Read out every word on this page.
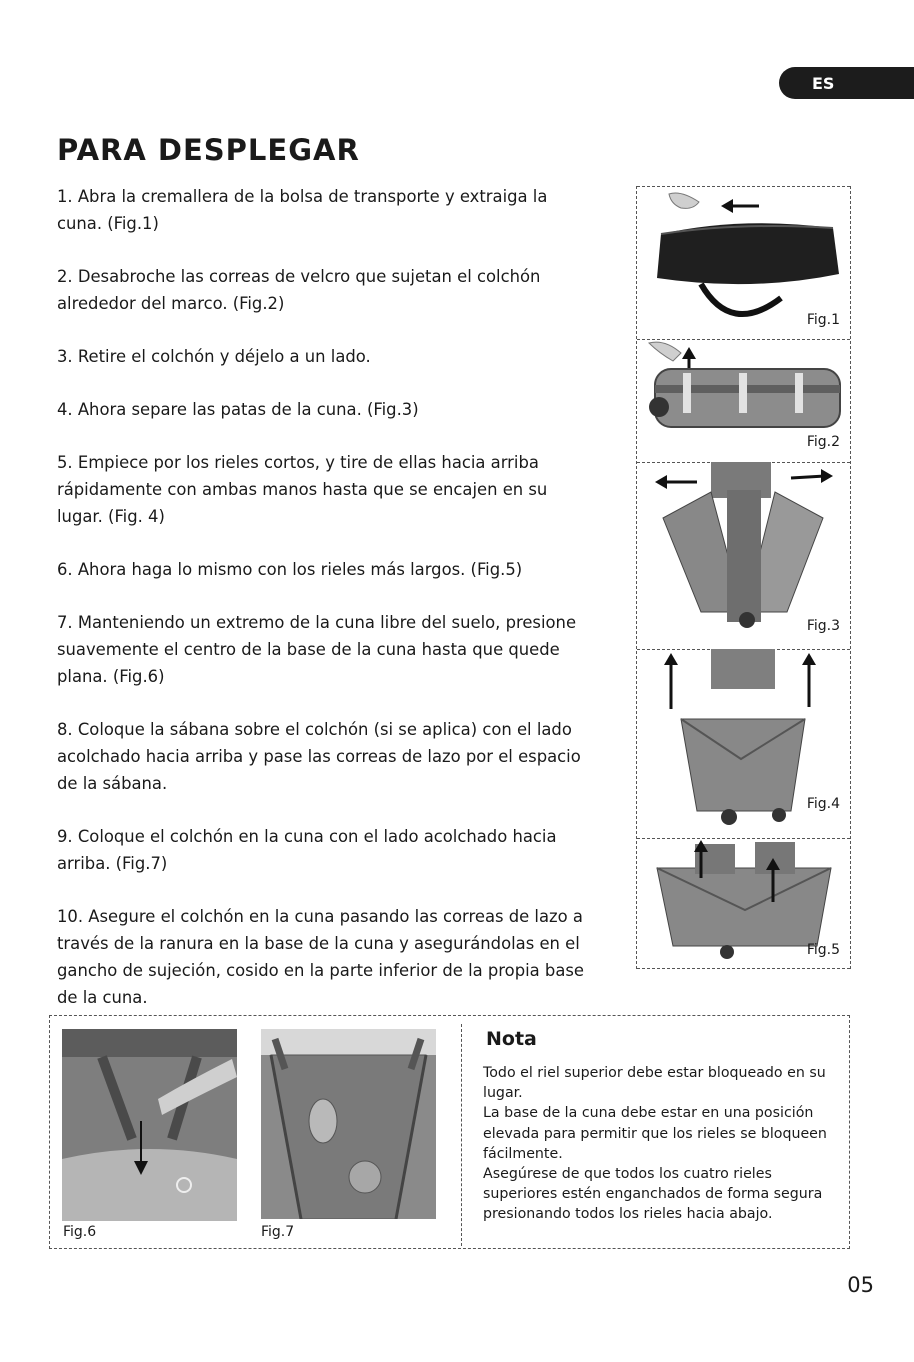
ES
PARA DESPLEGAR

1. Abra la cremallera de la bolsa de transporte y extraiga la cuna. (Fig.1)

2. Desabroche las correas de velcro que sujetan el colchón alrededor del marco. (Fig.2)

3. Retire el colchón y déjelo a un lado.

4. Ahora separe las patas de la cuna. (Fig.3)

5. Empiece por los rieles cortos, y tire de ellas hacia arriba rápidamente con ambas manos hasta que se encajen en su lugar. (Fig. 4)

6. Ahora haga lo mismo con los rieles más largos. (Fig.5)

7. Manteniendo un extremo de la cuna libre del suelo, presione suavemente el centro de la base de la cuna hasta que quede plana. (Fig.6)

8. Coloque la sábana sobre el colchón (si se aplica) con el lado acolchado hacia arriba y pase las correas de lazo por el espacio de la sábana.

9. Coloque el colchón en la cuna con el lado acolchado hacia arriba. (Fig.7)

10. Asegure el colchón en la cuna pasando las correas de lazo a través de la ranura en la base de la cuna y asegurándolas en el gancho de sujeción, cosido en la parte inferior de la propia base de la cuna.

Fig.1
Fig.2
Fig.3
Fig.4
Fig.5
Fig.6	Fig.7
Nota

Todo el riel superior debe estar bloqueado en su lugar.

La base de la cuna debe estar en una posición elevada para permitir que los rieles se bloqueen fácilmente.

Asegúrese de que todos los cuatro rieles superiores estén enganchados de forma segura presionando todos los rieles hacia abajo.

05
